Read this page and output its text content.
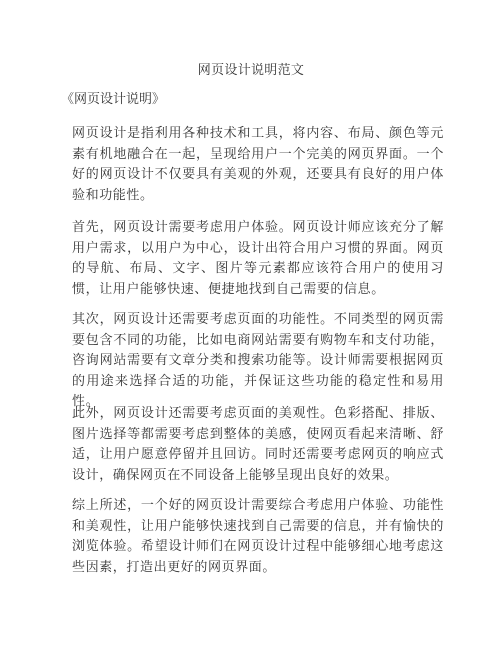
网页设计说明范文
《网页设计说明》
网页设计是指利用各种技术和工具，将内容、布局、颜色等元素有机地融合在一起，呈现给用户一个完美的网页界面。一个好的网页设计不仅要具有美观的外观，还要具有良好的用户体验和功能性。
首先，网页设计需要考虑用户体验。网页设计师应该充分了解用户需求，以用户为中心，设计出符合用户习惯的界面。网页的导航、布局、文字、图片等元素都应该符合用户的使用习惯，让用户能够快速、便捷地找到自己需要的信息。
其次，网页设计还需要考虑页面的功能性。不同类型的网页需要包含不同的功能，比如电商网站需要有购物车和支付功能，咨询网站需要有文章分类和搜索功能等。设计师需要根据网页的用途来选择合适的功能，并保证这些功能的稳定性和易用性。
此外，网页设计还需要考虑页面的美观性。色彩搭配、排版、图片选择等都需要考虑到整体的美感，使网页看起来清晰、舒适，让用户愿意停留并且回访。同时还需要考虑网页的响应式设计，确保网页在不同设备上能够呈现出良好的效果。
综上所述，一个好的网页设计需要综合考虑用户体验、功能性和美观性，让用户能够快速找到自己需要的信息，并有愉快的浏览体验。希望设计师们在网页设计过程中能够细心地考虑这些因素，打造出更好的网页界面。
